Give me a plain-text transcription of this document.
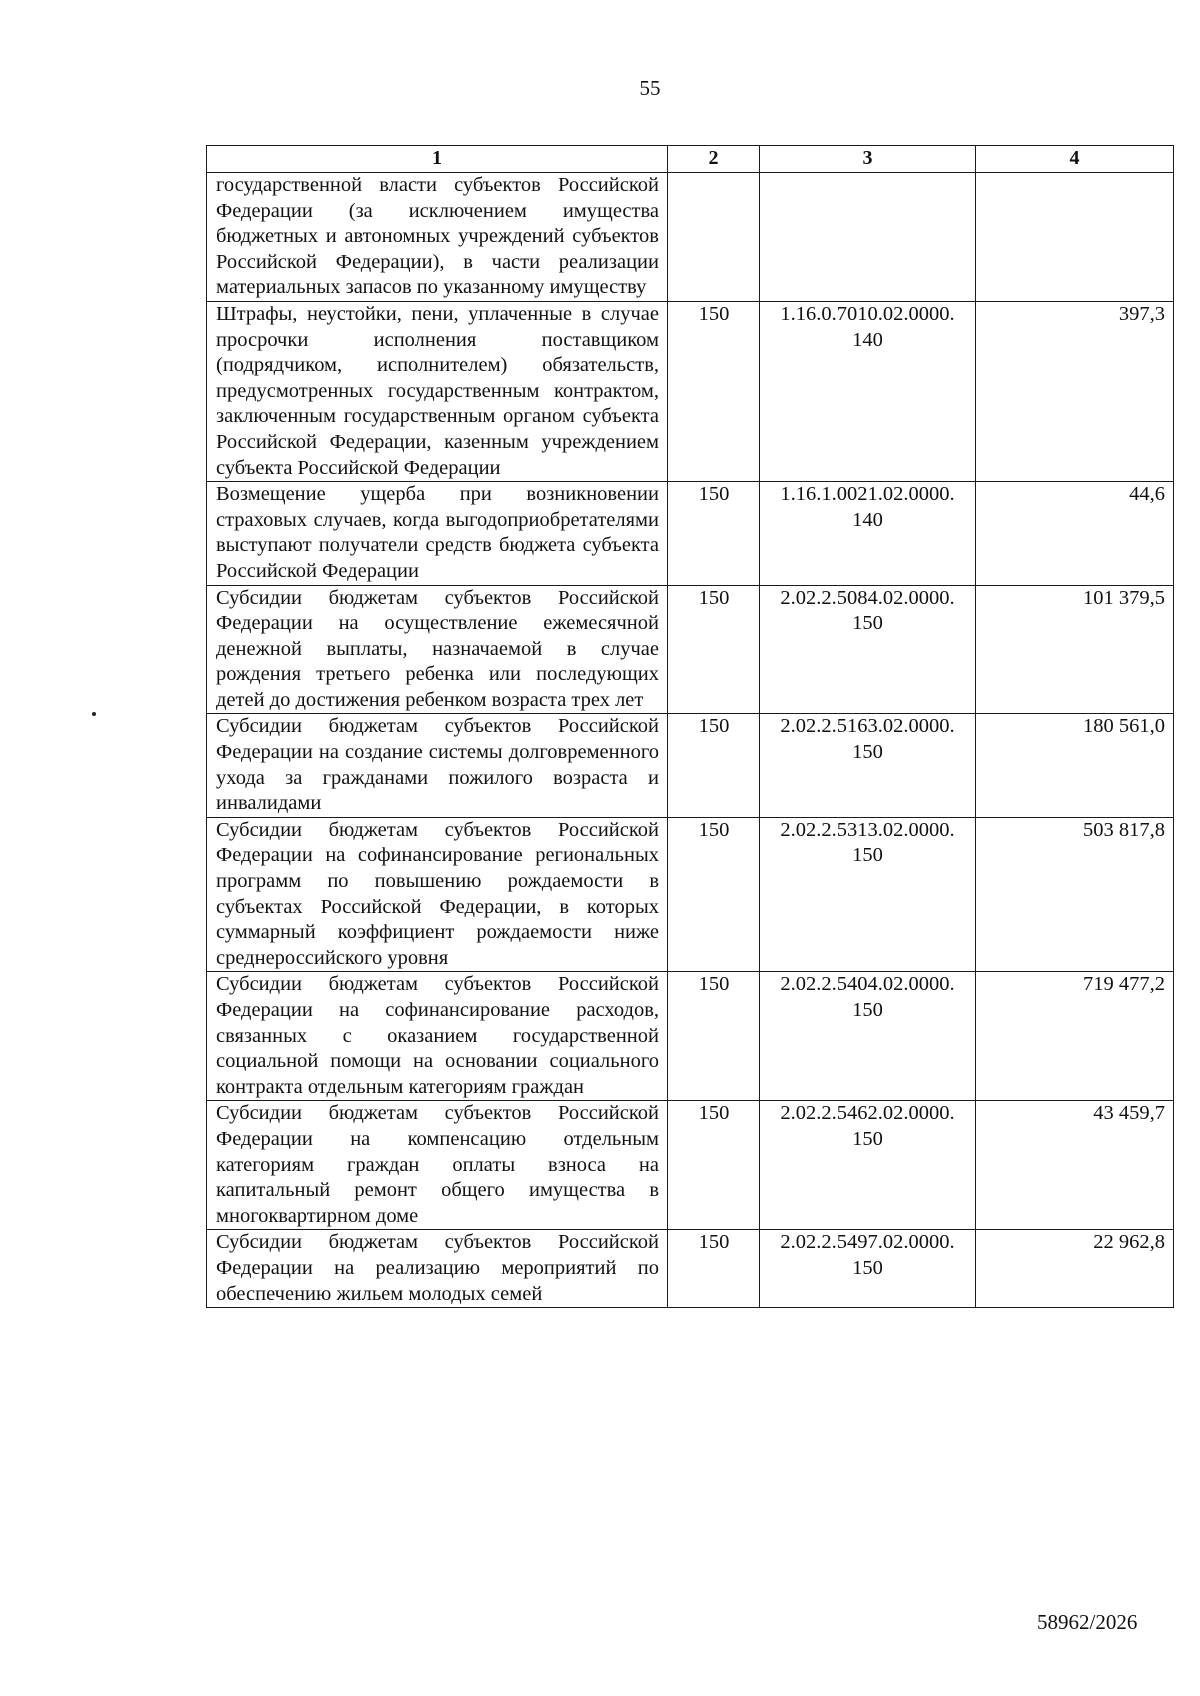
55
1	2	3	4
государственной власти субъектов Российской Федерации (за исключением имущества бюджетных и автономных учреждений субъектов Российской Федерации), в части реализации материальных запасов по указанному имуществу			
Штрафы, неустойки, пени, уплаченные в случае просрочки исполнения поставщиком (подрядчиком, исполнителем) обязательств, предусмотренных государственным контрактом, заключенным государственным органом субъекта Российской Федерации, казенным учреждением субъекта Российской Федерации	150	1.16.0.7010.02.0000. 140	397,3
Возмещение ущерба при возникновении страховых случаев, когда выгодоприобретателями выступают получатели средств бюджета субъекта Российской Федерации	150	1.16.1.0021.02.0000. 140	44,6
Субсидии бюджетам субъектов Российской Федерации на осуществление ежемесячной денежной выплаты, назначаемой в случае рождения третьего ребенка или последующих детей до достижения ребенком возраста трех лет	150	2.02.2.5084.02.0000. 150	101 379,5
Субсидии бюджетам субъектов Российской Федерации на создание системы долговременного ухода за гражданами пожилого возраста и инвалидами	150	2.02.2.5163.02.0000. 150	180 561,0
Субсидии бюджетам субъектов Российской Федерации на софинансирование региональных программ по повышению рождаемости в субъектах Российской Федерации, в которых суммарный коэффициент рождаемости ниже среднероссийского уровня	150	2.02.2.5313.02.0000. 150	503 817,8
Субсидии бюджетам субъектов Российской Федерации на софинансирование расходов, связанных с оказанием государственной социальной помощи на основании социального контракта отдельным категориям граждан	150	2.02.2.5404.02.0000. 150	719 477,2
Субсидии бюджетам субъектов Российской Федерации на компенсацию отдельным категориям граждан оплаты взноса на капитальный ремонт общего имущества в многоквартирном доме	150	2.02.2.5462.02.0000. 150	43 459,7
Субсидии бюджетам субъектов Российской Федерации на реализацию мероприятий по обеспечению жильем молодых семей	150	2.02.2.5497.02.0000. 150	22 962,8
58962/2026
